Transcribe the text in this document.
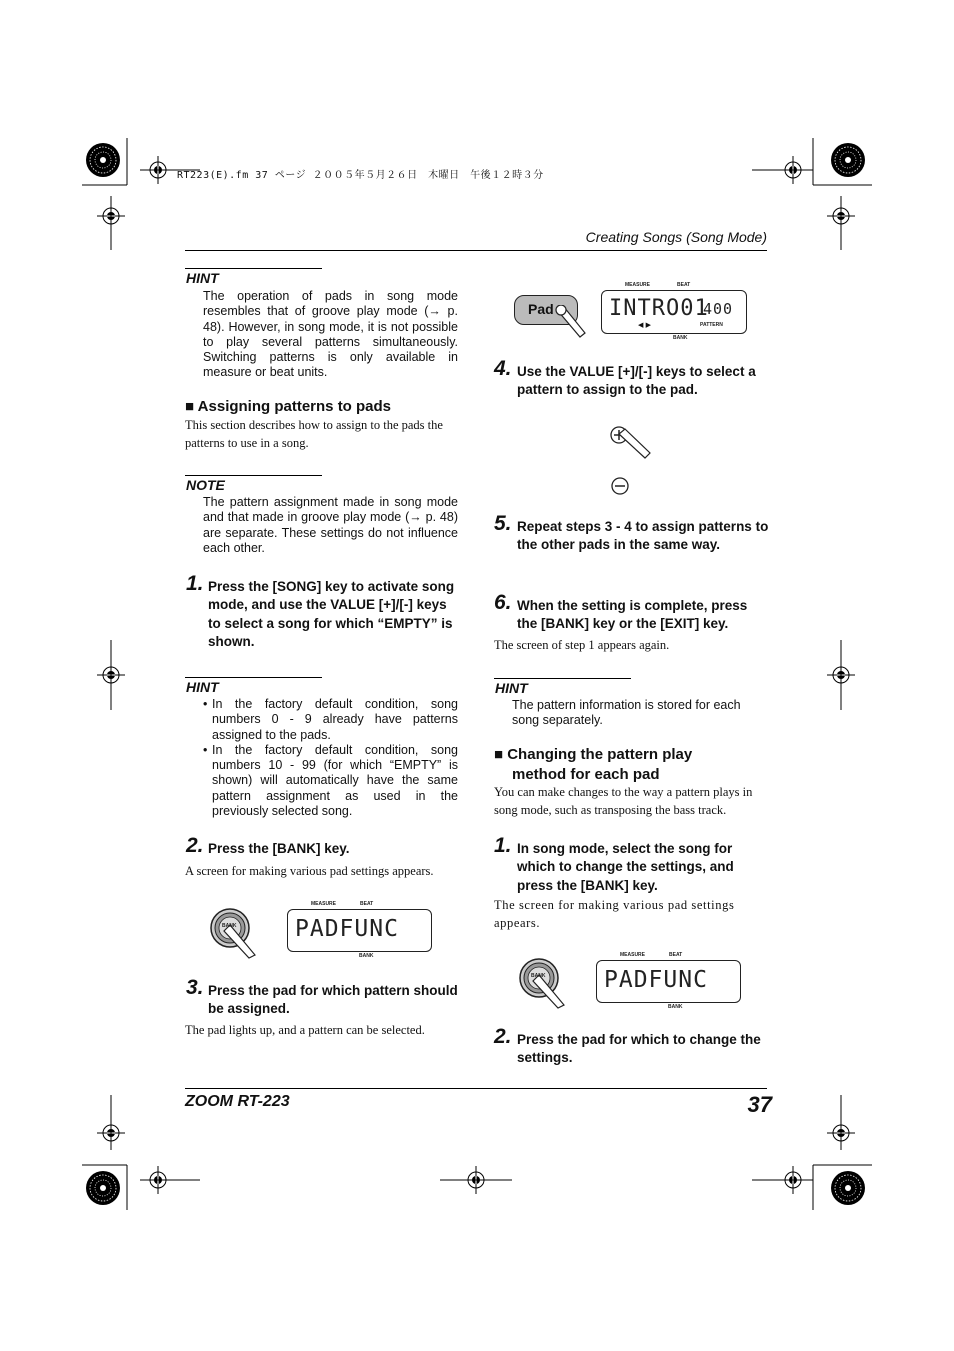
RT223(E).fm 37 ページ ２００５年５月２６日　木曜日　午後１２時３分
Creating Songs (Song Mode)
HINT
The operation of pads in song mode resembles that of groove play mode (→ p. 48). However, in song mode, it is not possible to play several patterns simultaneously. Switching patterns is only available in measure or beat units.
■ Assigning patterns to pads
This section describes how to assign to the pads the patterns to use in a song.
NOTE
The pattern assignment made in song mode and that made in groove play mode (→ p. 48) are separate. These settings do not influence each other.
1. Press the [SONG] key to activate song mode, and use the VALUE [+]/[-] keys to select a song for which “EMPTY” is shown.
HINT
• In the factory default condition, song numbers 0 - 9 already have patterns assigned to the pads.
• In the factory default condition, song numbers 10 - 99 (for which “EMPTY” is shown) will automatically have the same pattern assignment as used in the previously selected song.
2. Press the [BANK] key.
A screen for making various pad settings appears.
BANK
MEASURE	BEAT
PADFUNC
BANK
3. Press the pad for which pattern should be assigned.
The pad lights up, and a pattern can be selected.
Pad
MEASURE	BEAT
INTRO01
400
◀ ▶	PATTERN
BANK
4. Use the VALUE [+]/[-] keys to select a pattern to assign to the pad.
5. Repeat steps 3 - 4 to assign patterns to the other pads in the same way.
6. When the setting is complete, press the [BANK] key or the [EXIT] key.
The screen of step 1 appears again.
HINT
The pattern information is stored for each song separately.
■ Changing the pattern play
method for each pad
You can make changes to the way a pattern plays in song mode, such as transposing the bass track.
1. In song mode, select the song for which to change the settings, and press the [BANK] key.
The screen for making various pad settings appears.
BANK
MEASURE	BEAT
PADFUNC
BANK
2. Press the pad for which to change the settings.
ZOOM RT-223	37
